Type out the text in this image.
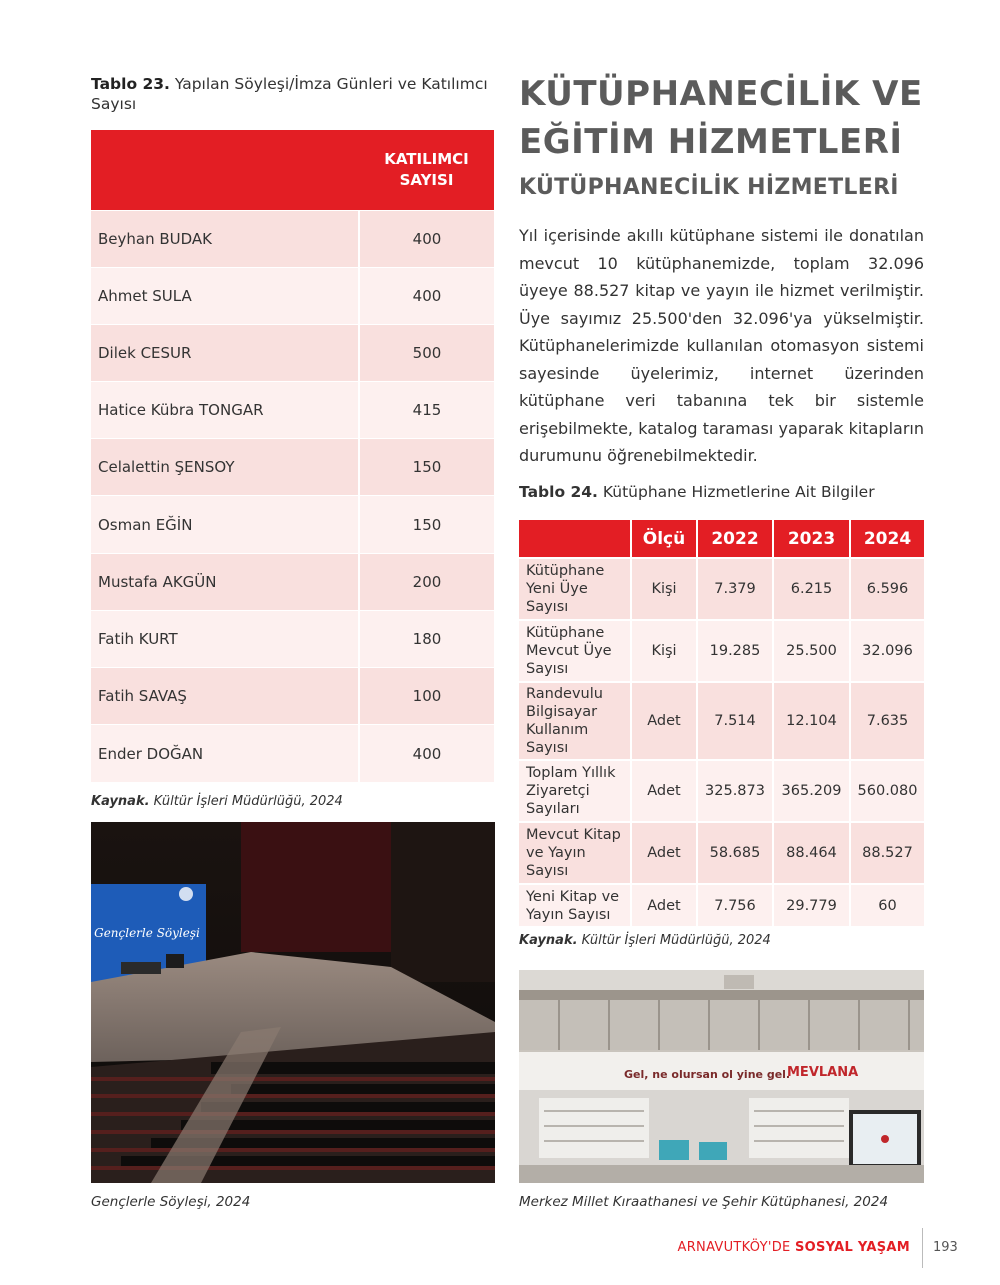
Tablo 23. Yapılan Söyleşi/İmza Günleri ve Katılımcı Sayısı
	KATILIMCI
SAYISI
Beyhan BUDAK	400
Ahmet SULA	400
Dilek CESUR	500
Hatice Kübra TONGAR	415
Celalettin ŞENSOY	150
Osman EĞİN	150
Mustafa AKGÜN	200
Fatih KURT	180
Fatih SAVAŞ	100
Ender DOĞAN	400
Kaynak. Kültür İşleri Müdürlüğü, 2024
Gençlerle Söyleşi
Gençlerle Söyleşi, 2024
KÜTÜPHANECİLİK VE
EĞİTİM HİZMETLERİ
KÜTÜPHANECİLİK HİZMETLERİ
Yıl içerisinde akıllı kütüphane sistemi ile donatılan mevcut 10 kütüphanemizde, toplam 32.096 üyeye 88.527 kitap ve yayın ile hizmet verilmiştir. Üye sayımız 25.500'den 32.096'ya yükselmiştir. Kütüphanelerimizde kullanılan otomasyon sistemi sayesinde üyelerimiz, internet üzerinden kütüphane veri tabanına tek bir sistemle erişebilmekte, katalog taraması yaparak kitapların durumunu öğrenebilmektedir.
Tablo 24. Kütüphane Hizmetlerine Ait Bilgiler
	Ölçü	2022	2023	2024
Kütüphane Yeni Üye Sayısı	Kişi	7.379	6.215	6.596
Kütüphane Mevcut Üye Sayısı	Kişi	19.285	25.500	32.096
Randevulu Bilgisayar Kullanım Sayısı	Adet	7.514	12.104	7.635
Toplam Yıllık Ziyaretçi Sayıları	Adet	325.873	365.209	560.080
Mevcut Kitap ve Yayın Sayısı	Adet	58.685	88.464	88.527
Yeni Kitap ve Yayın Sayısı	Adet	7.756	29.779	60
Kaynak. Kültür İşleri Müdürlüğü, 2024
Gel, ne olursan ol yine gel.
MEVLANA
Merkez Millet Kıraathanesi ve Şehir Kütüphanesi, 2024
ARNAVUTKÖY'DE SOSYAL YAŞAM 193
